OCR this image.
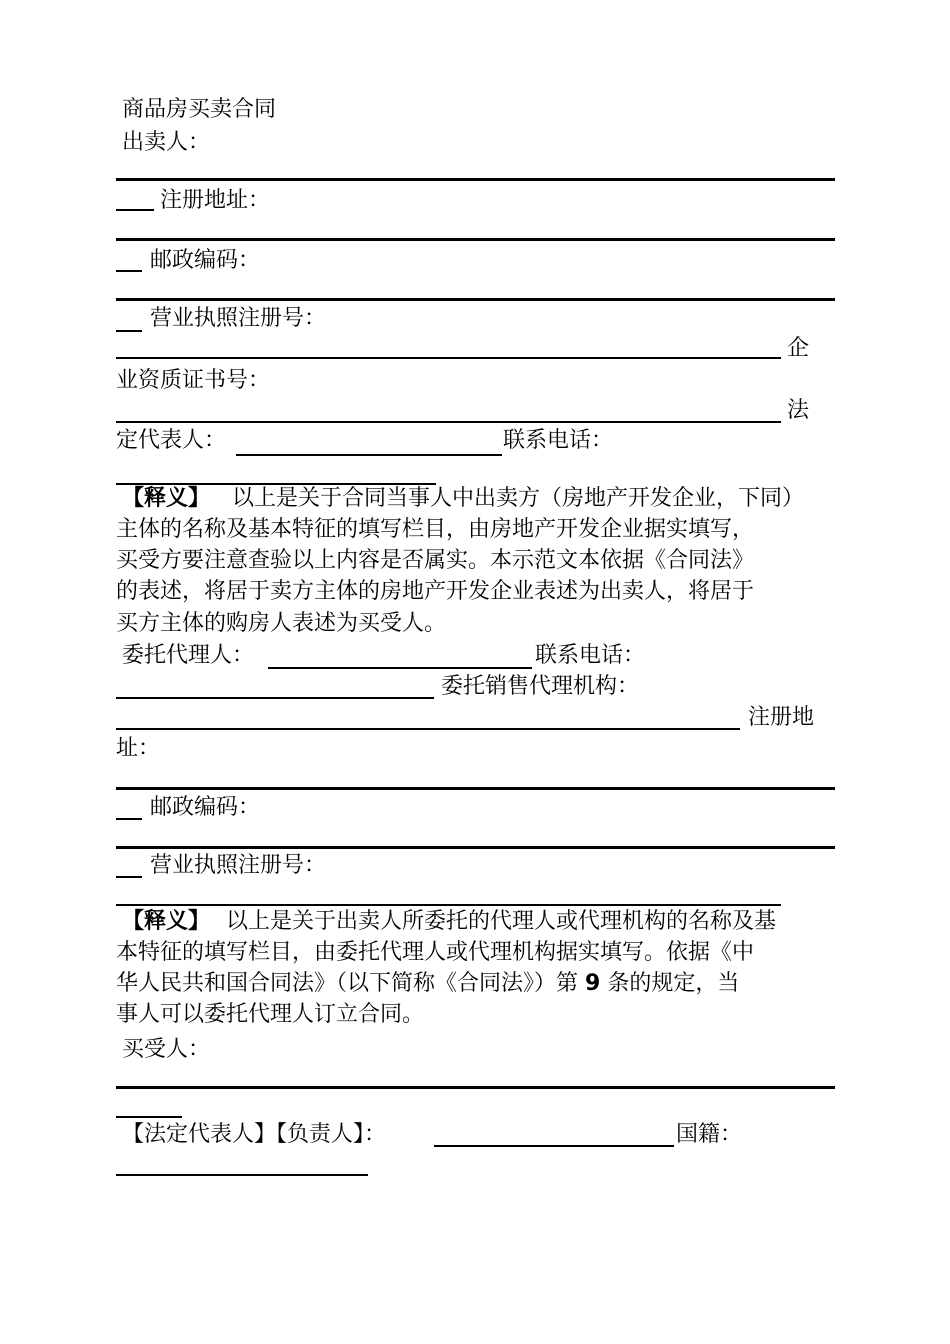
商品房买卖合同
出卖人：
注册地址：
邮政编码：
营业执照注册号：
企
业资质证书号：
法
定代表人：	联系电话：
【释义】 以上是关于合同当事人中出卖方（房地产开发企业，下同）
主体的名称及基本特征的填写栏目，由房地产开发企业据实填写，
买受方要注意查验以上内容是否属实。本示范文本依据《合同法》
的表述，将居于卖方主体的房地产开发企业表述为出卖人，将居于
买方主体的购房人表述为买受人。
委托代理人：	联系电话：
委托销售代理机构：
注册地
址：
邮政编码：
营业执照注册号：
【释义】 以上是关于出卖人所委托的代理人或代理机构的名称及基
本特征的填写栏目，由委托代理人或代理机构据实填写。依据《中
华人民共和国合同法》（以下简称《合同法》）第 9 条的规定，当
事人可以委托代理人订立合同。
买受人：
【法定代表人】【负责人】：	国籍：
